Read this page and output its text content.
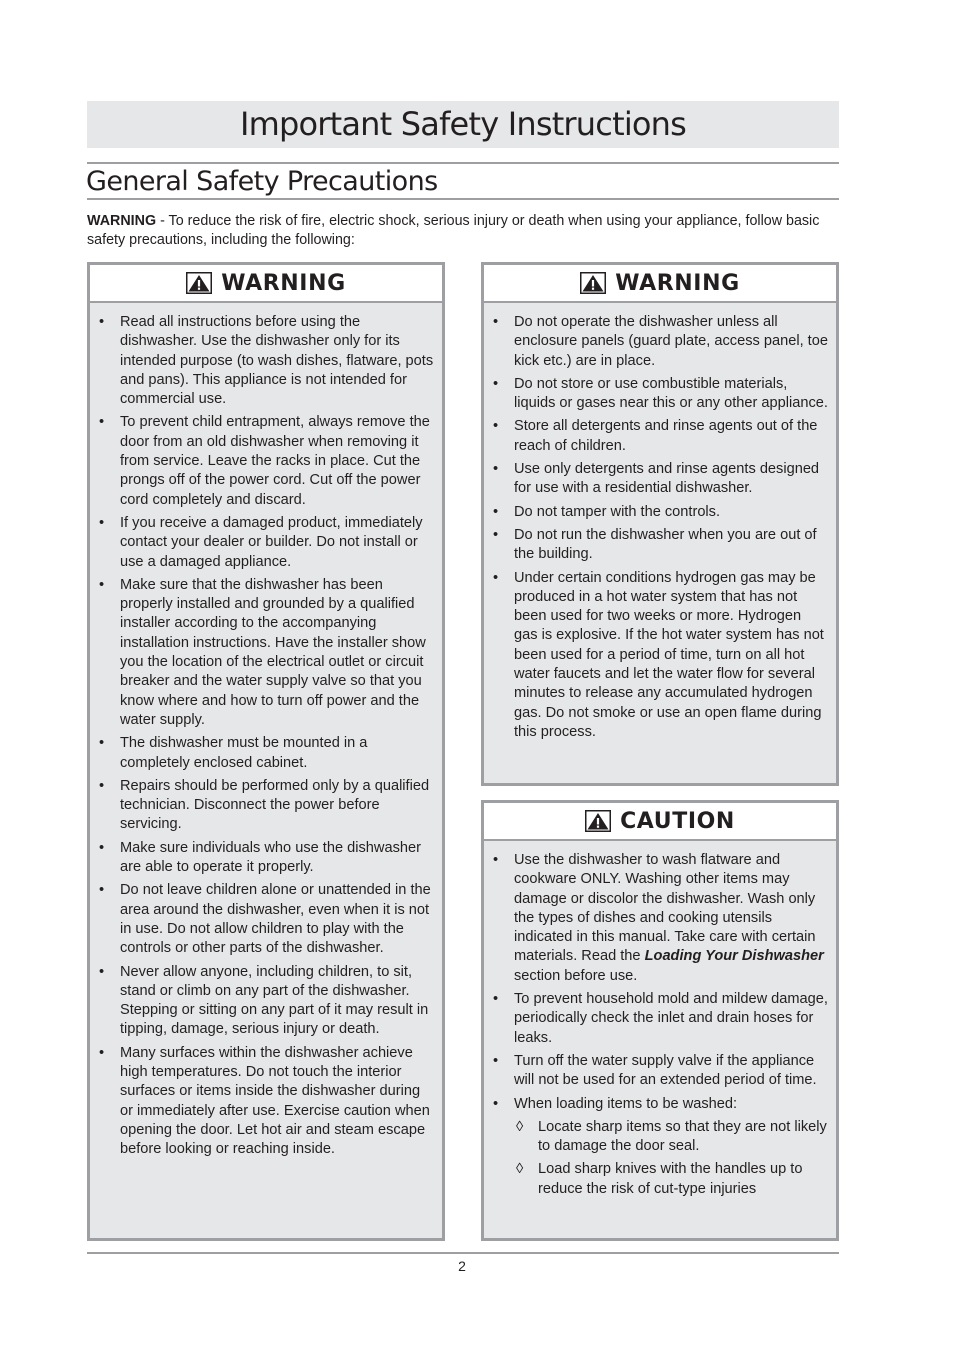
Important Safety Instructions
General Safety Precautions

WARNING - To reduce the risk of fire, electric shock, serious injury or death when using your appliance, follow basic safety precautions, including the following:

WARNING
• Read all instructions before using the dishwasher. Use the dishwasher only for its intended purpose (to wash dishes, flatware, pots and pans). This appliance is not intended for commercial use.
• To prevent child entrapment, always remove the door from an old dishwasher when removing it from service. Leave the racks in place. Cut the prongs off of the power cord. Cut off the power cord completely and discard.
• If you receive a damaged product, immediately contact your dealer or builder. Do not install or use a damaged appliance.
• Make sure that the dishwasher has been properly installed and grounded by a qualified installer according to the accompanying installation instructions. Have the installer show you the location of the electrical outlet or circuit breaker and the water supply valve so that you know where and how to turn off power and the water supply.
• The dishwasher must be mounted in a completely enclosed cabinet.
• Repairs should be performed only by a qualified technician. Disconnect the power before servicing.
• Make sure individuals who use the dishwasher are able to operate it properly.
• Do not leave children alone or unattended in the area around the dishwasher, even when it is not in use. Do not allow children to play with the controls or other parts of the dishwasher.
• Never allow anyone, including children, to sit, stand or climb on any part of the dishwasher. Stepping or sitting on any part of it may result in tipping, damage, serious injury or death.
• Many surfaces within the dishwasher achieve high temperatures. Do not touch the interior surfaces or items inside the dishwasher during or immediately after use. Exercise caution when opening the door. Let hot air and steam escape before looking or reaching inside.
WARNING
• Do not operate the dishwasher unless all enclosure panels (guard plate, access panel, toe kick etc.) are in place.
• Do not store or use combustible materials, liquids or gases near this or any other appliance.
• Store all detergents and rinse agents out of the reach of children.
• Use only detergents and rinse agents designed for use with a residential dishwasher.
• Do not tamper with the controls.
• Do not run the dishwasher when you are out of the building.
• Under certain conditions hydrogen gas may be produced in a hot water system that has not been used for two weeks or more. Hydrogen gas is explosive. If the hot water system has not been used for a period of time, turn on all hot water faucets and let the water flow for several minutes to release any accumulated hydrogen gas. Do not smoke or use an open flame during this process.
CAUTION
• Use the dishwasher to wash flatware and cookware ONLY. Washing other items may damage or discolor the dishwasher. Wash only the types of dishes and cooking utensils indicated in this manual. Take care with certain materials. Read the Loading Your Dishwasher section before use.
• To prevent household mold and mildew damage, periodically check the inlet and drain hoses for leaks.
• Turn off the water supply valve if the appliance will not be used for an extended period of time.
• When loading items to be washed:
◊ Locate sharp items so that they are not likely to damage the door seal.
◊ Load sharp knives with the handles up to reduce the risk of cut-type injuries
2
